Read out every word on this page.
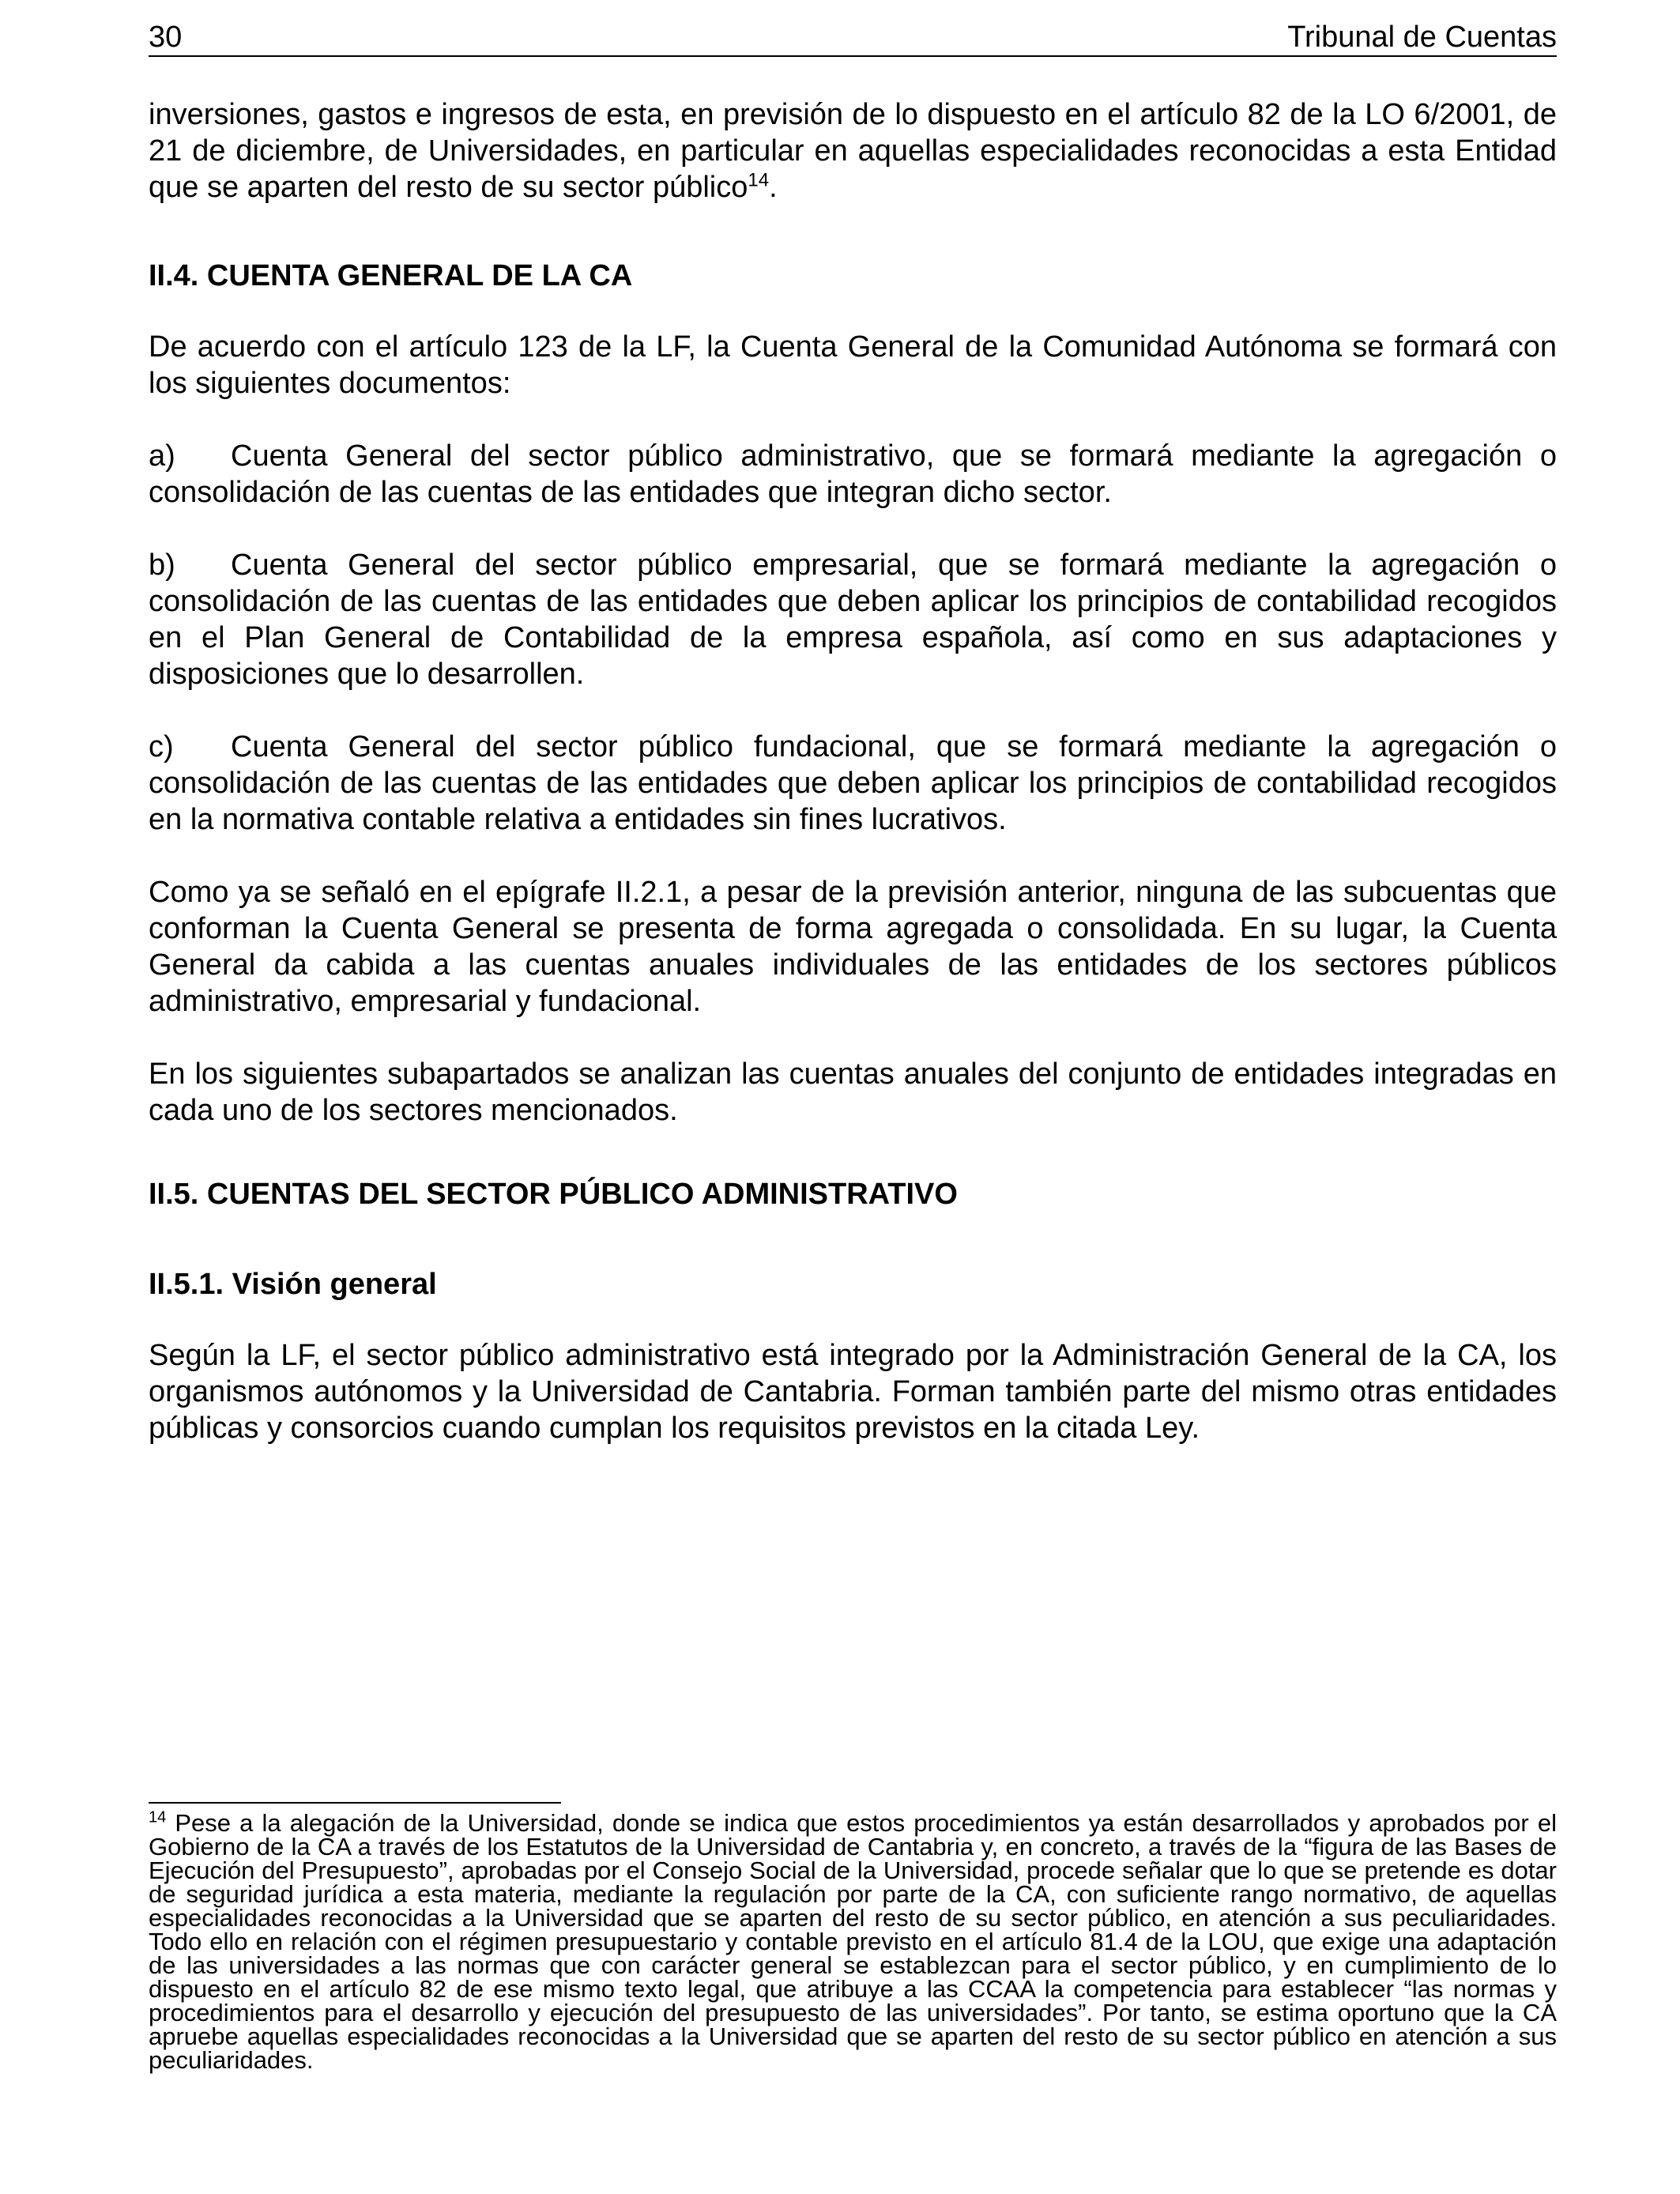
30	Tribunal de Cuentas

inversiones, gastos e ingresos de esta, en previsión de lo dispuesto en el artículo 82 de la LO 6/2001, de 21 de diciembre, de Universidades, en particular en aquellas especialidades reconocidas a esta Entidad que se aparten del resto de su sector público$^{14}$.

II.4. CUENTA GENERAL DE LA CA

De acuerdo con el artículo 123 de la LF, la Cuenta General de la Comunidad Autónoma se formará con los siguientes documentos:

a) Cuenta General del sector público administrativo, que se formará mediante la agregación o consolidación de las cuentas de las entidades que integran dicho sector.

b) Cuenta General del sector público empresarial, que se formará mediante la agregación o consolidación de las cuentas de las entidades que deben aplicar los principios de contabilidad recogidos en el Plan General de Contabilidad de la empresa española, así como en sus adaptaciones y disposiciones que lo desarrollen.

c) Cuenta General del sector público fundacional, que se formará mediante la agregación o consolidación de las cuentas de las entidades que deben aplicar los principios de contabilidad recogidos en la normativa contable relativa a entidades sin fines lucrativos.

Como ya se señaló en el epígrafe II.2.1, a pesar de la previsión anterior, ninguna de las subcuentas que conforman la Cuenta General se presenta de forma agregada o consolidada. En su lugar, la Cuenta General da cabida a las cuentas anuales individuales de las entidades de los sectores públicos administrativo, empresarial y fundacional.

En los siguientes subapartados se analizan las cuentas anuales del conjunto de entidades integradas en cada uno de los sectores mencionados.

II.5. CUENTAS DEL SECTOR PÚBLICO ADMINISTRATIVO
II.5.1. Visión general

Según la LF, el sector público administrativo está integrado por la Administración General de la CA, los organismos autónomos y la Universidad de Cantabria. Forman también parte del mismo otras entidades públicas y consorcios cuando cumplan los requisitos previstos en la citada Ley.

$^{14}$ Pese a la alegación de la Universidad, donde se indica que estos procedimientos ya están desarrollados y aprobados por el Gobierno de la CA a través de los Estatutos de la Universidad de Cantabria y, en concreto, a través de la “figura de las Bases de Ejecución del Presupuesto”, aprobadas por el Consejo Social de la Universidad, procede señalar que lo que se pretende es dotar de seguridad jurídica a esta materia, mediante la regulación por parte de la CA, con suficiente rango normativo, de aquellas especialidades reconocidas a la Universidad que se aparten del resto de su sector público, en atención a sus peculiaridades. Todo ello en relación con el régimen presupuestario y contable previsto en el artículo 81.4 de la LOU, que exige una adaptación de las universidades a las normas que con carácter general se establezcan para el sector público, y en cumplimiento de lo dispuesto en el artículo 82 de ese mismo texto legal, que atribuye a las CCAA la competencia para establecer “las normas y procedimientos para el desarrollo y ejecución del presupuesto de las universidades”. Por tanto, se estima oportuno que la CA apruebe aquellas especialidades reconocidas a la Universidad que se aparten del resto de su sector público en atención a sus peculiaridades.
